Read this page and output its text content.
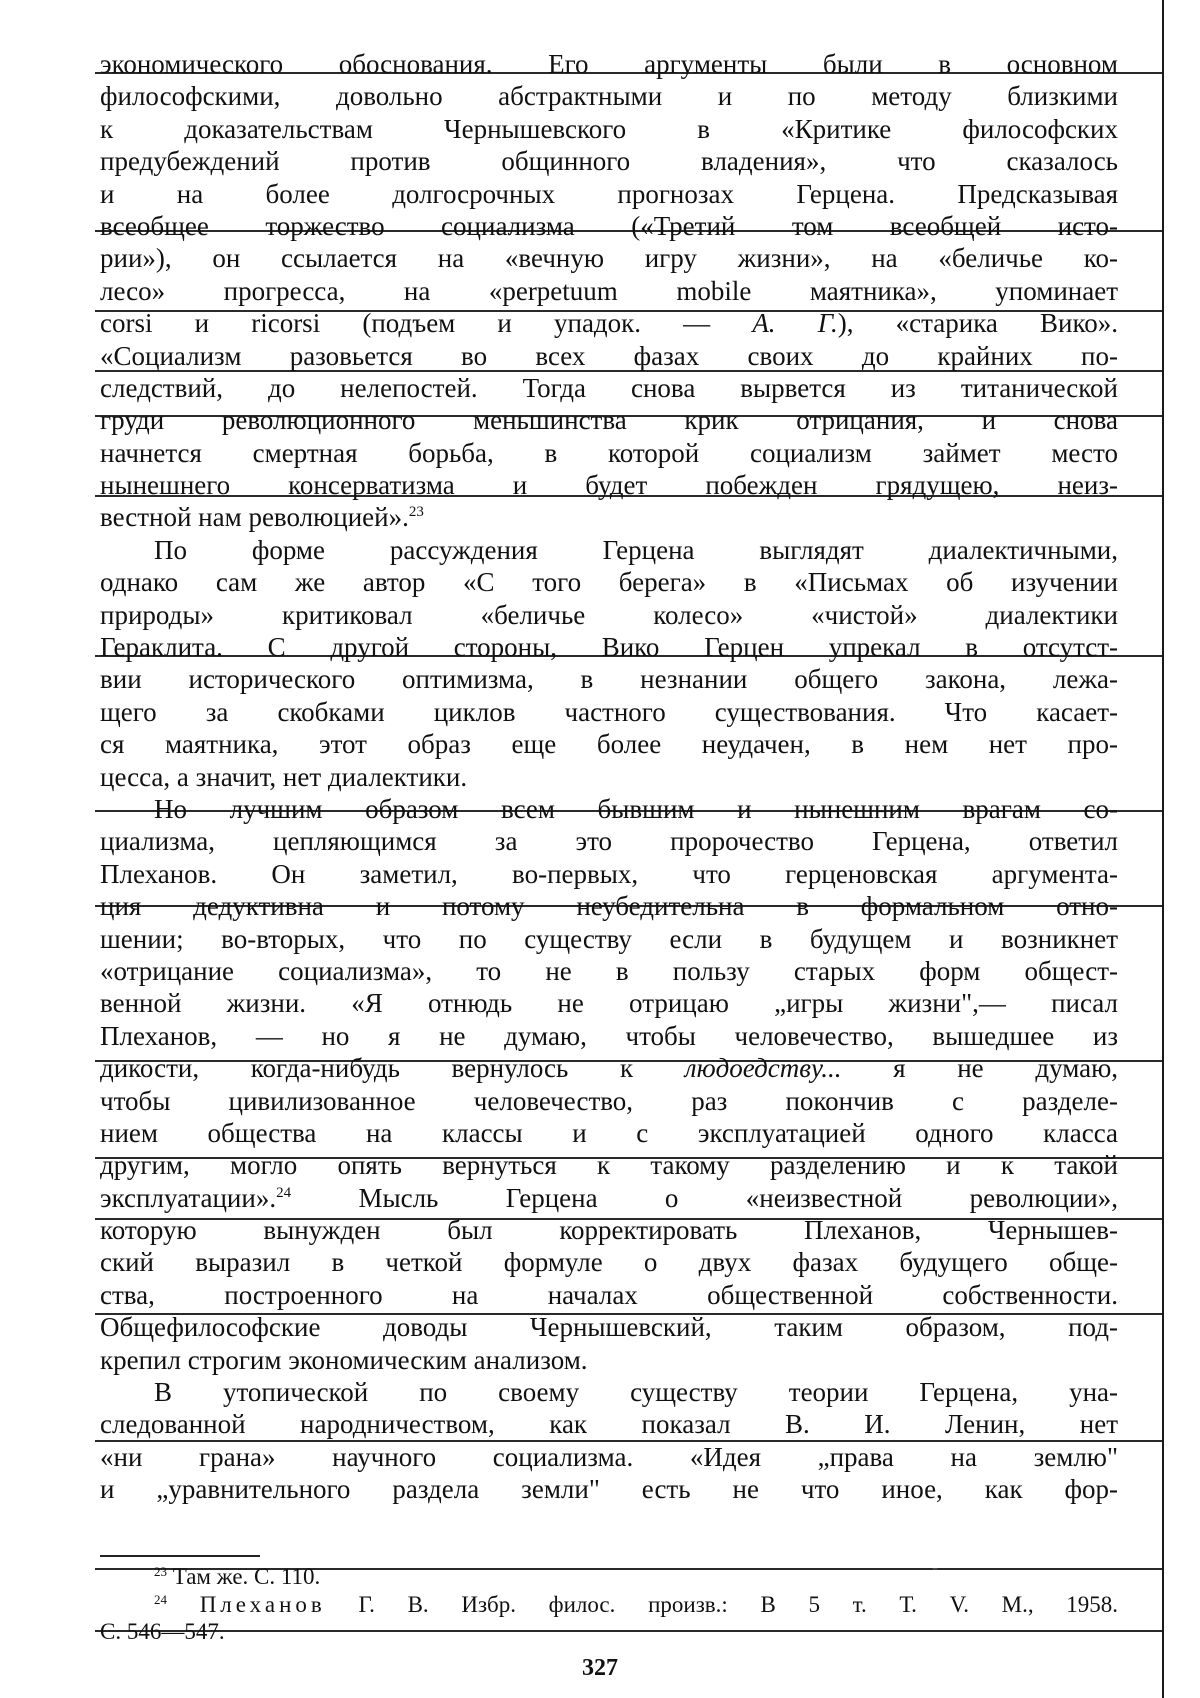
экономического обоснования. Его аргументы были в основном
философскими, довольно абстрактными и по методу близкими
к доказательствам Чернышевского в «Критике философских
предубеждений против общинного владения», что сказалось
и на более долгосрочных прогнозах Герцена. Предсказывая
всеобщее торжество социализма («Третий том всеобщей исто-
рии»), он ссылается на «вечную игру жизни», на «беличье ко-
лесо» прогресса, на «perpetuum mobile маятника», упоминает
corsi и ricorsi (подъем и упадок. — А. Г.), «старика Вико».
«Социализм разовьется во всех фазах своих до крайних по-
следствий, до нелепостей. Тогда снова вырвется из титанической
груди революционного меньшинства крик отрицания, и снова
начнется смертная борьба, в которой социализм займет место
нынешнего консерватизма и будет побежден грядущею, неиз-
вестной нам революцией».$^{23}$
По форме рассуждения Герцена выглядят диалектичными,
однако сам же автор «С того берега» в «Письмах об изучении
природы» критиковал «беличье колесо» «чистой» диалектики
Гераклита. С другой стороны, Вико Герцен упрекал в отсутст-
вии исторического оптимизма, в незнании общего закона, лежа-
щего за скобками циклов частного существования. Что касает-
ся маятника, этот образ еще более неудачен, в нем нет про-
цесса, а значит, нет диалектики.
Но лучшим образом всем бывшим и нынешним врагам со-
циализма, цепляющимся за это пророчество Герцена, ответил
Плеханов. Он заметил, во-первых, что герценовская аргумента-
ция дедуктивна и потому неубедительна в формальном отно-
шении; во-вторых, что по существу если в будущем и возникнет
«отрицание социализма», то не в пользу старых форм общест-
венной жизни. «Я отнюдь не отрицаю „игры жизни",— писал
Плеханов, — но я не думаю, чтобы человечество, вышедшее из
дикости, когда-нибудь вернулось к людоедству... я не думаю,
чтобы цивилизованное человечество, раз покончив с разделе-
нием общества на классы и с эксплуатацией одного класса
другим, могло опять вернуться к такому разделению и к такой
эксплуатации».$^{24}$ Мысль Герцена о «неизвестной революции»,
которую вынужден был корректировать Плеханов, Чернышев-
ский выразил в четкой формуле о двух фазах будущего обще-
ства, построенного на началах общественной собственности.
Общефилософские доводы Чернышевский, таким образом, под-
крепил строгим экономическим анализом.
В утопической по своему существу теории Герцена, уна-
следованной народничеством, как показал В. И. Ленин, нет
«ни грана» научного социализма. «Идея „права на землю"
и „уравнительного раздела земли" есть не что иное, как фор-
-
$^{23}$ Там же. С. 110.
$^{24}$ Плеханов Г. В. Избр. филос. произв.: В 5 т. Т. V. М., 1958.
С. 546—547.
327
